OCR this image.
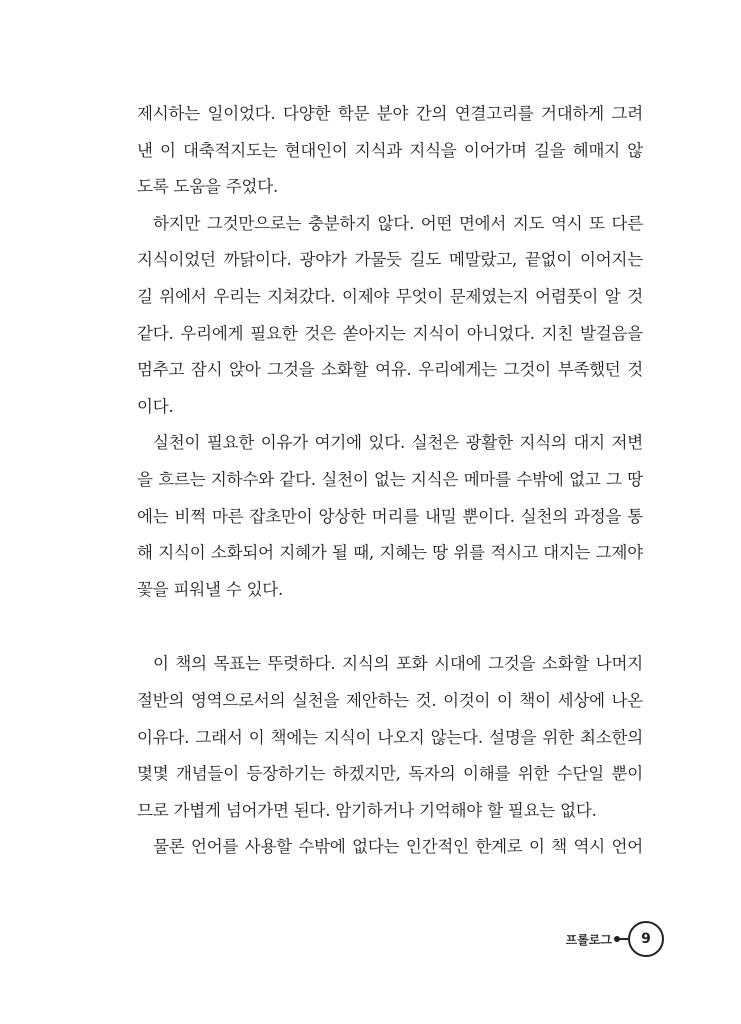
제시하는 일이었다. 다양한 학문 분야 간의 연결고리를 거대하게 그려
낸 이 대축적지도는 현대인이 지식과 지식을 이어가며 길을 헤매지 않
도록 도움을 주었다.
하지만 그것만으로는 충분하지 않다. 어떤 면에서 지도 역시 또 다른
지식이었던 까닭이다. 광야가 가물듯 길도 메말랐고, 끝없이 이어지는
길 위에서 우리는 지쳐갔다. 이제야 무엇이 문제였는지 어렴풋이 알 것
같다. 우리에게 필요한 것은 쏟아지는 지식이 아니었다. 지친 발걸음을
멈추고 잠시 앉아 그것을 소화할 여유. 우리에게는 그것이 부족했던 것
이다.
실천이 필요한 이유가 여기에 있다. 실천은 광활한 지식의 대지 저변
을 흐르는 지하수와 같다. 실천이 없는 지식은 메마를 수밖에 없고 그 땅
에는 비쩍 마른 잡초만이 앙상한 머리를 내밀 뿐이다. 실천의 과정을 통
해 지식이 소화되어 지혜가 될 때, 지혜는 땅 위를 적시고 대지는 그제야
꽃을 피워낼 수 있다.
이 책의 목표는 뚜렷하다. 지식의 포화 시대에 그것을 소화할 나머지
절반의 영역으로서의 실천을 제안하는 것. 이것이 이 책이 세상에 나온
이유다. 그래서 이 책에는 지식이 나오지 않는다. 설명을 위한 최소한의
몇몇 개념들이 등장하기는 하겠지만, 독자의 이해를 위한 수단일 뿐이
므로 가볍게 넘어가면 된다. 암기하거나 기억해야 할 필요는 없다.
물론 언어를 사용할 수밖에 없다는 인간적인 한계로 이 책 역시 언어
프롤로그	9
